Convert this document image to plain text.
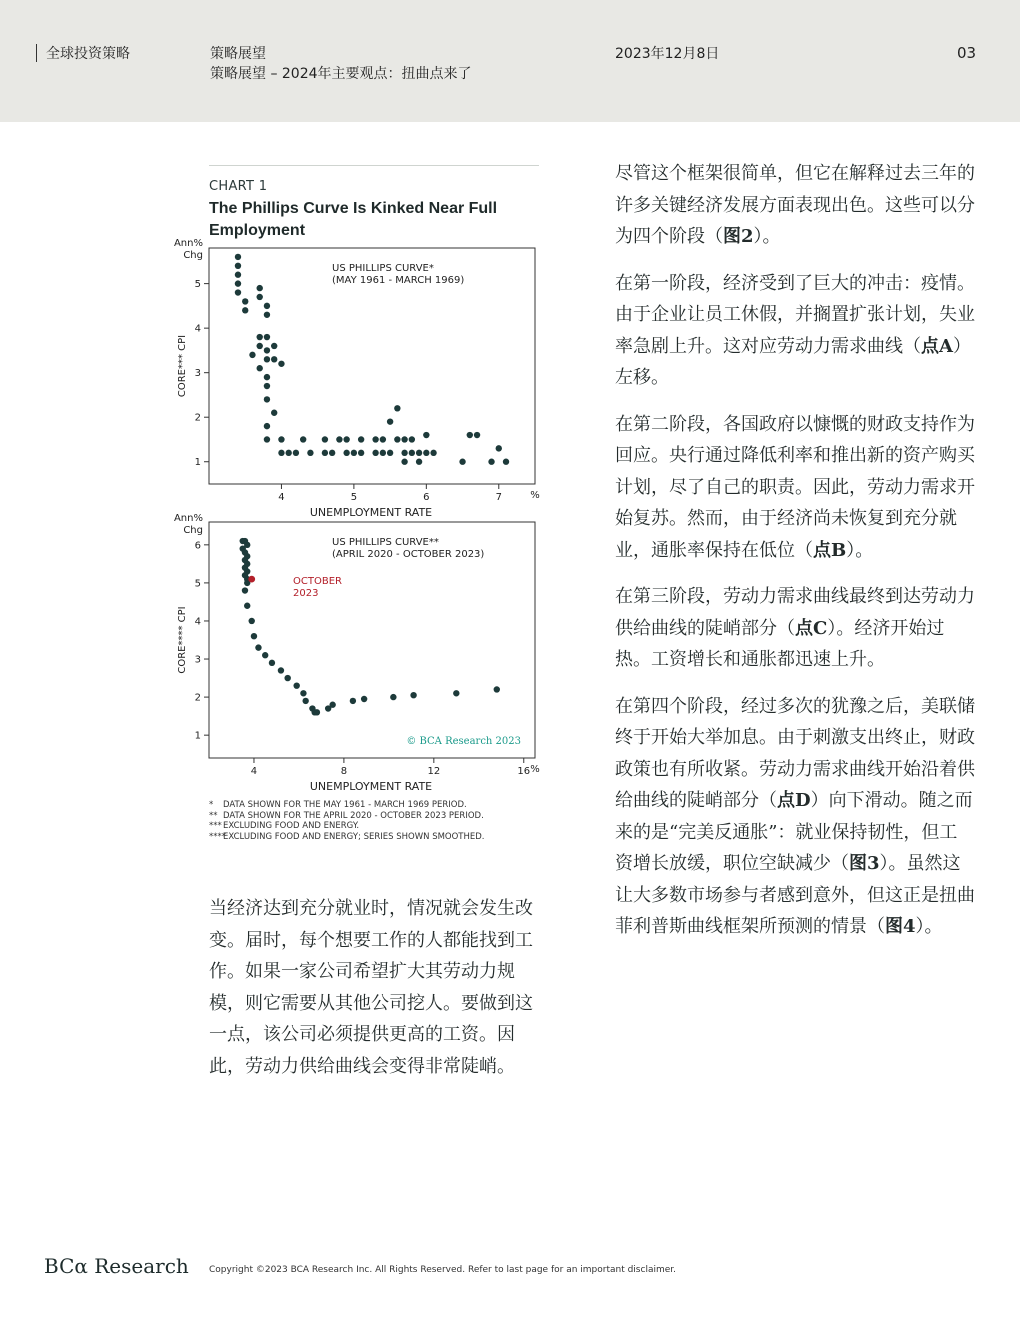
全球投资策略	策略展望
策略展望 – 2024年主要观点：扭曲点来了
2023年12月8日	03
CHART 1
The Phillips Curve Is Kinked Near Full Employment
Ann%
Chg
US PHILLIPS CURVE*
(MAY 1961 - MARCH 1969)
CORE*** CPI
1
2
3
4
5
4	5	6	7	%
UNEMPLOYMENT RATE
Ann%
Chg
US PHILLIPS CURVE**
(APRIL 2020 - OCTOBER 2023)
OCTOBER
2023
© BCA Research 2023
CORE**** CPI
1
2
3
4
5
6
4	8	12	16 %
UNEMPLOYMENT RATE
* DATA SHOWN FOR THE MAY 1961 - MARCH 1969 PERIOD.
** DATA SHOWN FOR THE APRIL 2020 - OCTOBER 2023 PERIOD.
***EXCLUDING FOOD AND ENERGY.
****EXCLUDING FOOD AND ENERGY; SERIES SHOWN SMOOTHED.
当经济达到充分就业时，情况就会发生改变。届时，每个想要工作的人都能找到工作。如果一家公司希望扩大其劳动力规模，则它需要从其他公司挖人。要做到这一点，该公司必须提供更高的工资。因此，劳动力供给曲线会变得非常陡峭。

尽管这个框架很简单，但它在解释过去三年的许多关键经济发展方面表现出色。这些可以分为四个阶段（图2）。

在第一阶段，经济受到了巨大的冲击：疫情。由于企业让员工休假，并搁置扩张计划，失业率急剧上升。这对应劳动力需求曲线（点A）左移。

在第二阶段，各国政府以慷慨的财政支持作为回应。央行通过降低利率和推出新的资产购买计划，尽了自己的职责。因此，劳动力需求开始复苏。然而，由于经济尚未恢复到充分就业，通胀率保持在低位（点B）。

在第三阶段，劳动力需求曲线最终到达劳动力供给曲线的陡峭部分（点C）。经济开始过热。工资增长和通胀都迅速上升。

在第四个阶段，经过多次的犹豫之后，美联储终于开始大举加息。由于刺激支出终止，财政政策也有所收紧。劳动力需求曲线开始沿着供给曲线的陡峭部分（点D）向下滑动。随之而来的是“完美反通胀”：就业保持韧性，但工资增长放缓，职位空缺减少（图3）。虽然这让大多数市场参与者感到意外，但这正是扭曲菲利普斯曲线框架所预测的情景（图4）。

BCα Research Copyright ©2023 BCA Research Inc. All Rights Reserved. Refer to last page for an important disclaimer.
